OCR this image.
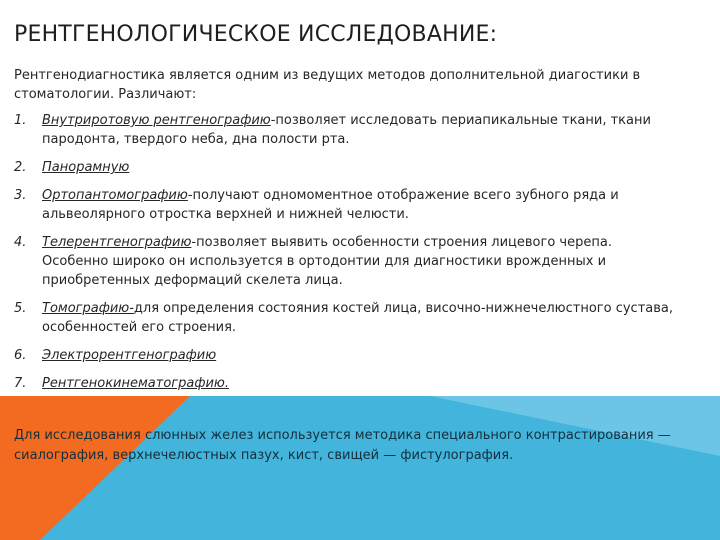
РЕНТГЕНОЛОГИЧЕСКОЕ ИССЛЕДОВАНИЕ:
Рентгенодиагностика является одним из ведущих методов дополнительной диагостики в стоматологии. Различают:
1. Внутриротовую рентгенографию-позволяет исследовать периапикальные ткани, ткани пародонта, твердого неба, дна полости рта.
2. Панорамную
3. Ортопантомографию-получают одномоментное отображение всего зубного ряда и альвеолярного отростка верхней и нижней челюсти.
4. Телерентгенографию-позволяет выявить особенности строения лицевого черепа. Особенно широко он используется в ортодонтии для диагностики врожденных и приобретенных деформаций скелета лица.
5. Томографию-для определения состояния костей лица, височно-нижнечелюстного сустава, особенностей его строения.
6. Электрорентгенографию
7. Рентгенокинематографию.
Для исследования слюнных желез используется методика специального контрастирования —сиалография, верхнечелюстных пазух, кист, свищей — фистулография.
